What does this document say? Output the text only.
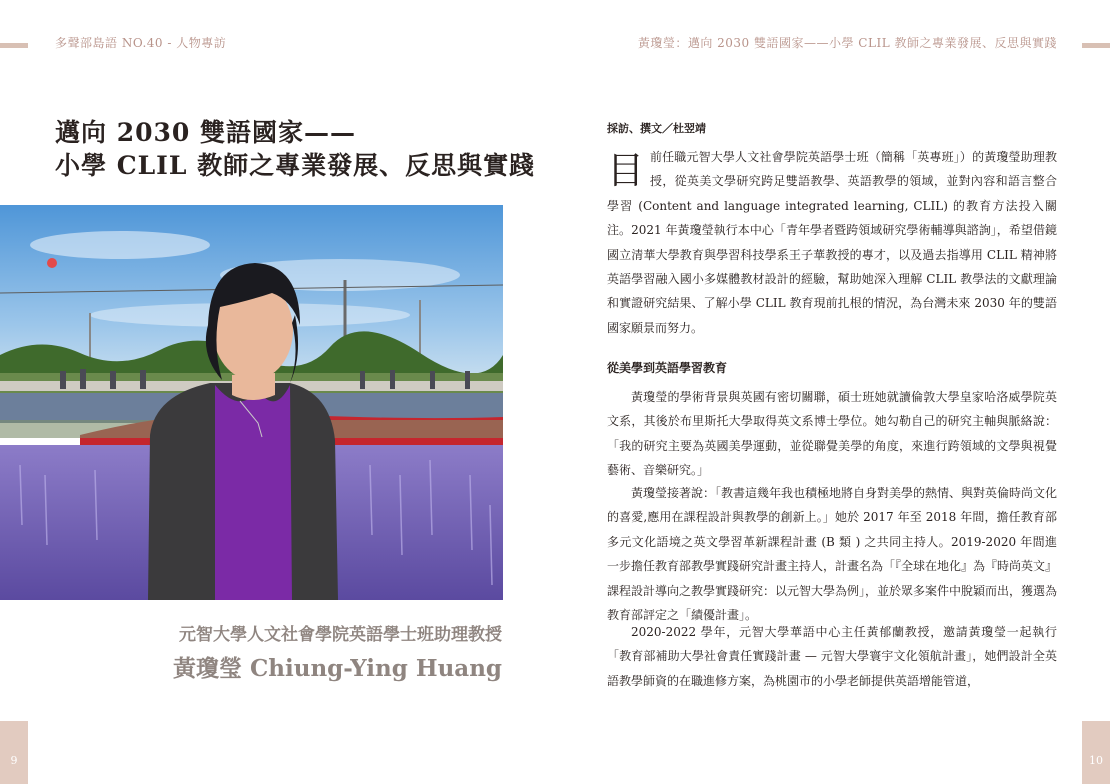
多聲部島語 NO.40 - 人物專訪	黃瓊瑩：邁向 2030 雙語國家——小學 CLIL 教師之專業發展、反思與實踐
邁向 2030 雙語國家——
小學 CLIL 教師之專業發展、反思與實踐
元智大學人文社會學院英語學士班助理教授
黃瓊瑩 Chiung-Ying Huang
9	10
採訪、撰文／杜翌靖
目前任職元智大學人文社會學院英語學士班（簡稱「英專班」）的黃瓊瑩助理教授，從英美文學研究跨足雙語教學、英語教學的領域，並對內容和語言整合學習 (Content and language integrated learning, CLIL) 的教育方法投入關注。2021 年黃瓊瑩執行本中心「青年學者暨跨領域研究學術輔導與諮詢」，希望借鏡國立清華大學教育與學習科技學系王子華教授的專才，以及過去指導用 CLIL 精神將英語學習融入國小多媒體教材設計的經驗，幫助她深入理解 CLIL 教學法的文獻理論和實證研究結果、了解小學 CLIL 教育現前扎根的情況，為台灣未來 2030 年的雙語國家願景而努力。
從美學到英語學習教育

黃瓊瑩的學術背景與英國有密切關聯，碩士班她就讀倫敦大學皇家哈洛威學院英文系，其後於布里斯托大學取得英文系博士學位。她勾勒自己的研究主軸與脈絡說：「我的研究主要為英國美學運動，並從聯覺美學的角度，來進行跨領域的文學與視覺藝術、音樂研究。」

黃瓊瑩接著說：「教書這幾年我也積極地將自身對美學的熱情、與對英倫時尚文化的喜愛,應用在課程設計與教學的創新上。」她於 2017 年至 2018 年間，擔任教育部多元文化語境之英文學習革新課程計畫 (B 類 ) 之共同主持人。2019-2020 年間進一步擔任教育部教學實踐研究計畫主持人，計畫名為「『全球在地化』為『時尚英文』課程設計導向之教學實踐研究：以元智大學為例」，並於眾多案件中脫穎而出，獲選為教育部評定之「績優計畫」。

2020-2022 學年，元智大學華語中心主任黃郁蘭教授，邀請黃瓊瑩一起執行「教育部補助大學社會責任實踐計畫 — 元智大學寰宇文化領航計畫」，她們設計全英語教學師資的在職進修方案，為桃園市的小學老師提供英語增能管道，
